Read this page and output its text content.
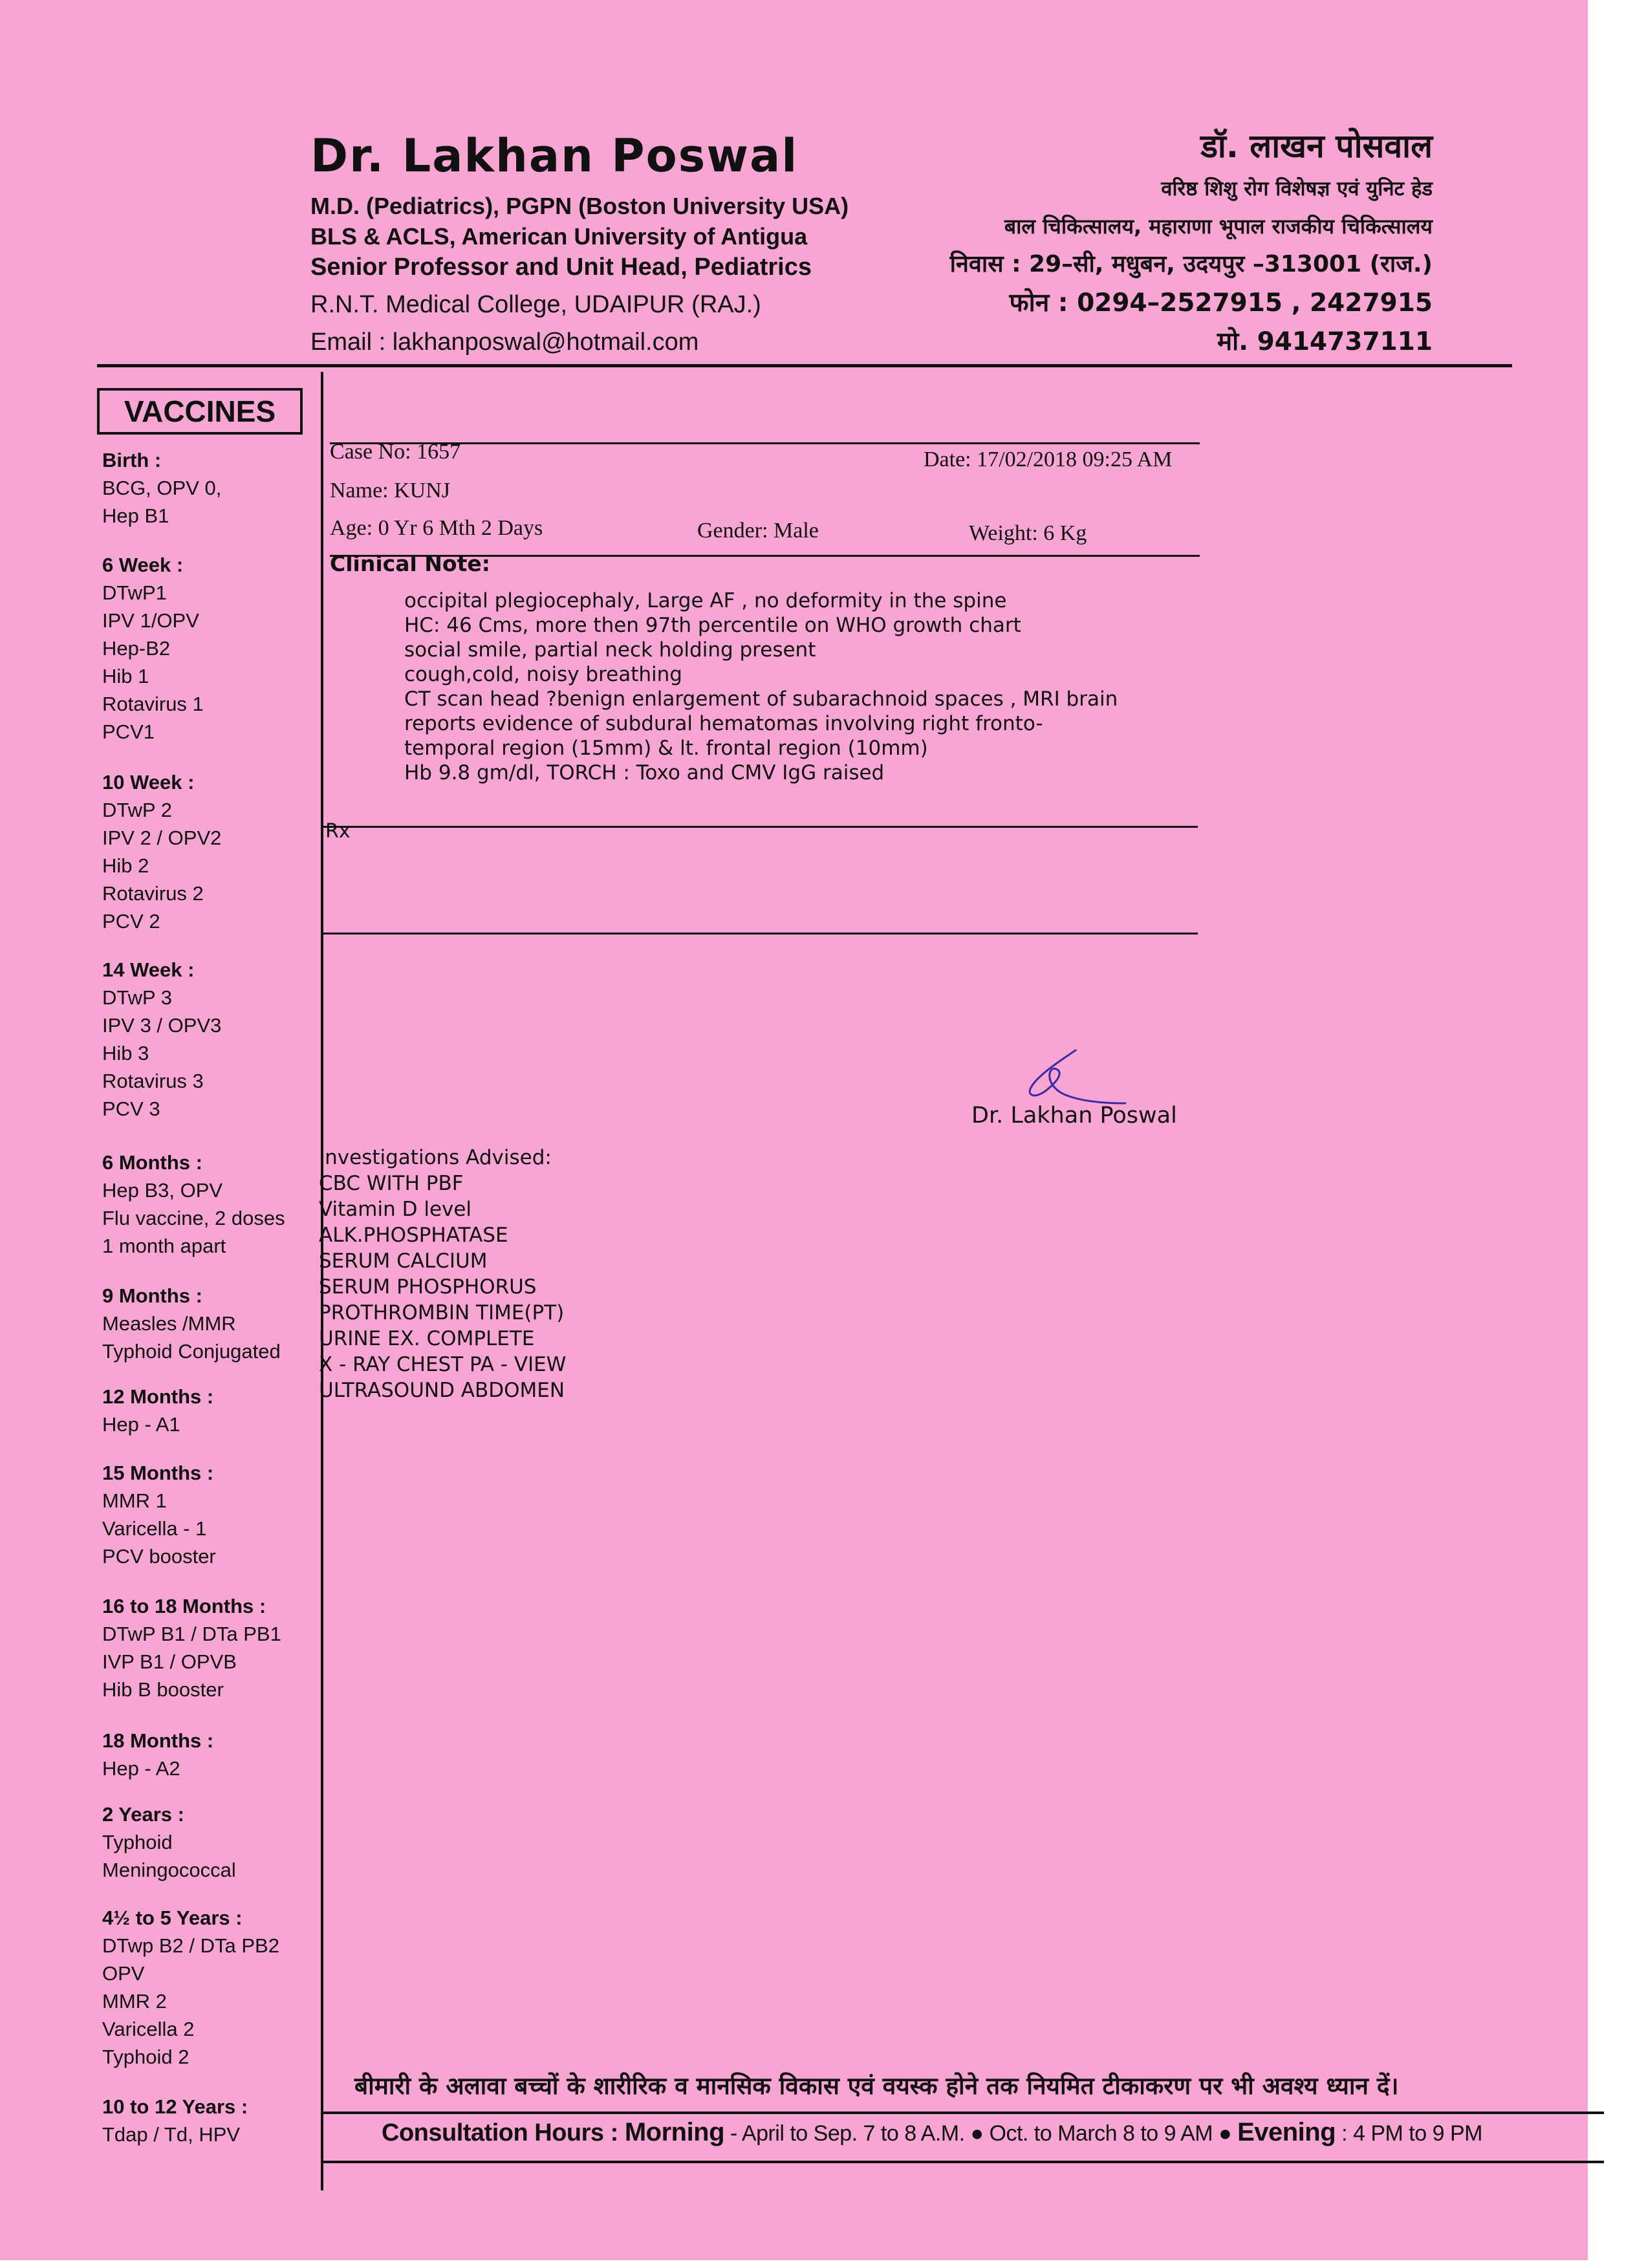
Dr. Lakhan Poswal
M.D. (Pediatrics), PGPN (Boston University USA)
BLS & ACLS, American University of Antigua
Senior Professor and Unit Head, Pediatrics
R.N.T. Medical College, UDAIPUR (RAJ.)
Email : lakhanposwal@hotmail.com
डॉ. लाखन पोसवाल
वरिष्ठ शिशु रोग विशेषज्ञ एवं युनिट हेड
बाल चिकित्सालय, महाराणा भूपाल राजकीय चिकित्सालय
निवास : 29–सी, मधुबन, उदयपुर –313001 (राज.)
फोन : 0294–2527915 , 2427915
मो. 9414737111
VACCINES
Birth :
BCG, OPV 0,
Hep B1
6 Week :
DTwP1
IPV 1/OPV
Hep-B2
Hib 1
Rotavirus 1
PCV1
10 Week :
DTwP 2
IPV 2 / OPV2
Hib 2
Rotavirus 2
PCV 2
14 Week :
DTwP 3
IPV 3 / OPV3
Hib 3
Rotavirus 3
PCV 3
6 Months :
Hep B3, OPV
Flu vaccine, 2 doses
1 month apart
9 Months :
Measles /MMR
Typhoid Conjugated
12 Months :
Hep - A1
15 Months :
MMR 1
Varicella - 1
PCV booster
16 to 18 Months :
DTwP B1 / DTa PB1
IVP B1 / OPVB
Hib B booster
18 Months :
Hep - A2
2 Years :
Typhoid
Meningococcal
4½ to 5 Years :
DTwp B2 / DTa PB2
OPV
MMR 2
Varicella 2
Typhoid 2
10 to 12 Years :
Tdap / Td, HPV
Case No: 1657	Date: 17/02/2018 09:25 AM
Name: KUNJ
Age: 0 Yr 6 Mth 2 Days	Gender: Male	Weight: 6 Kg
Clinical Note:
occipital plegiocephaly, Large AF , no deformity in the spine
HC: 46 Cms, more then 97th percentile on WHO growth chart
social smile, partial neck holding present
cough,cold, noisy breathing
CT scan head ?benign enlargement of subarachnoid spaces , MRI brain
reports evidence of subdural hematomas involving right fronto-
temporal region (15mm) & lt. frontal region (10mm)
Hb 9.8 gm/dl, TORCH : Toxo and CMV IgG raised
Rx
Dr. Lakhan Poswal
Investigations Advised:
CBC WITH PBF
Vitamin D level
ALK.PHOSPHATASE
SERUM CALCIUM
SERUM PHOSPHORUS
PROTHROMBIN TIME(PT)
URINE EX. COMPLETE
X - RAY CHEST PA - VIEW
ULTRASOUND ABDOMEN
बीमारी के अलावा बच्चों के शारीरिक व मानसिक विकास एवं वयस्क होने तक नियमित टीकाकरण पर भी अवश्य ध्यान दें।
Consultation Hours : Morning - April to Sep. 7 to 8 A.M. ● Oct. to March 8 to 9 AM ● Evening : 4 PM to 9 PM
